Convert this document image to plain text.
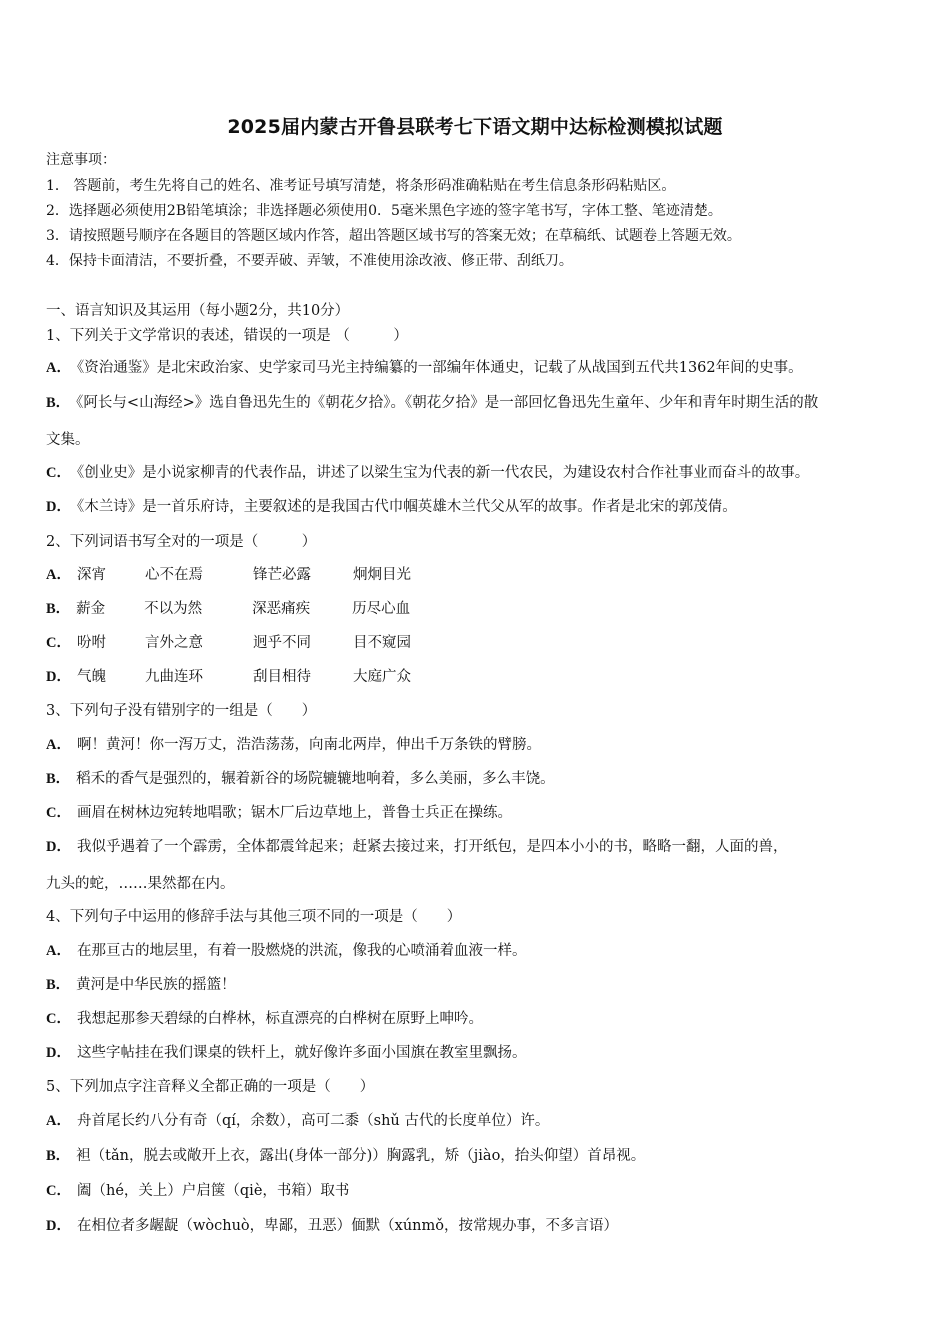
2025届内蒙古开鲁县联考七下语文期中达标检测模拟试题
注意事项：
1． 答题前，考生先将自己的姓名、准考证号填写清楚，将条形码准确粘贴在考生信息条形码粘贴区。
2．选择题必须使用2B铅笔填涂；非选择题必须使用0．5毫米黑色字迹的签字笔书写，字体工整、笔迹清楚。
3．请按照题号顺序在各题目的答题区域内作答，超出答题区域书写的答案无效；在草稿纸、试题卷上答题无效。
4．保持卡面清洁，不要折叠，不要弄破、弄皱，不准使用涂改液、修正带、刮纸刀。
一、语言知识及其运用（每小题2分，共10分）
1、下列关于文学常识的表述，错误的一项是 （　　　）
A． 《资治通鉴》是北宋政治家、史学家司马光主持编纂的一部编年体通史，记载了从战国到五代共1362年间的史事。
B． 《阿长与<山海经>》选自鲁迅先生的《朝花夕拾》。《朝花夕拾》是一部回忆鲁迅先生童年、少年和青年时期生活的散
文集。
C． 《创业史》是小说家柳青的代表作品，讲述了以梁生宝为代表的新一代农民，为建设农村合作社事业而奋斗的故事。
D． 《木兰诗》是一首乐府诗，主要叙述的是我国古代巾帼英雄木兰代父从军的故事。作者是北宋的郭茂倩。
2、下列词语书写全对的一项是（　　　）
A． 深宵	心不在焉	锋芒必露	炯炯目光
B． 薪金	不以为然	深恶痛疾	历尽心血
C． 吩咐	言外之意	迥乎不同	目不窥园
D． 气魄	九曲连环	刮目相待	大庭广众
3、下列句子没有错别字的一组是（　　）
A． 啊！黄河！你一泻万丈，浩浩荡荡，向南北两岸，伸出千万条铁的臂膀。
B． 稻禾的香气是强烈的，辗着新谷的场院辘辘地响着，多么美丽，多么丰饶。
C． 画眉在树林边宛转地唱歌；锯木厂后边草地上，普鲁士兵正在操练。
D． 我似乎遇着了一个霹雳，全体都震耸起来；赶紧去接过来，打开纸包，是四本小小的书，略略一翻，人面的兽，
九头的蛇，……果然都在内。
4、下列句子中运用的修辞手法与其他三项不同的一项是（　　）
A． 在那亘古的地层里，有着一股燃烧的洪流，像我的心喷涌着血液一样。
B． 黄河是中华民族的摇篮！
C． 我想起那参天碧绿的白桦林，标直漂亮的白桦树在原野上呻吟。
D． 这些字帖挂在我们课桌的铁杆上，就好像许多面小国旗在教室里飘扬。
5、下列加点字注音释义全都正确的一项是（　　）
A． 舟首尾长约八分有奇（qí，余数），高可二黍（shǔ 古代的长度单位）许。
B． 袒（tǎn，脱去或敞开上衣，露出(身体一部分)）胸露乳，矫（jiào，抬头仰望）首昂视。
C． 阖（hé，关上）户启箧（qiè，书箱）取书
D． 在相位者多龌龊（wòchuò，卑鄙，丑恶）偭默（xúnmǒ，按常规办事，不多言语）
